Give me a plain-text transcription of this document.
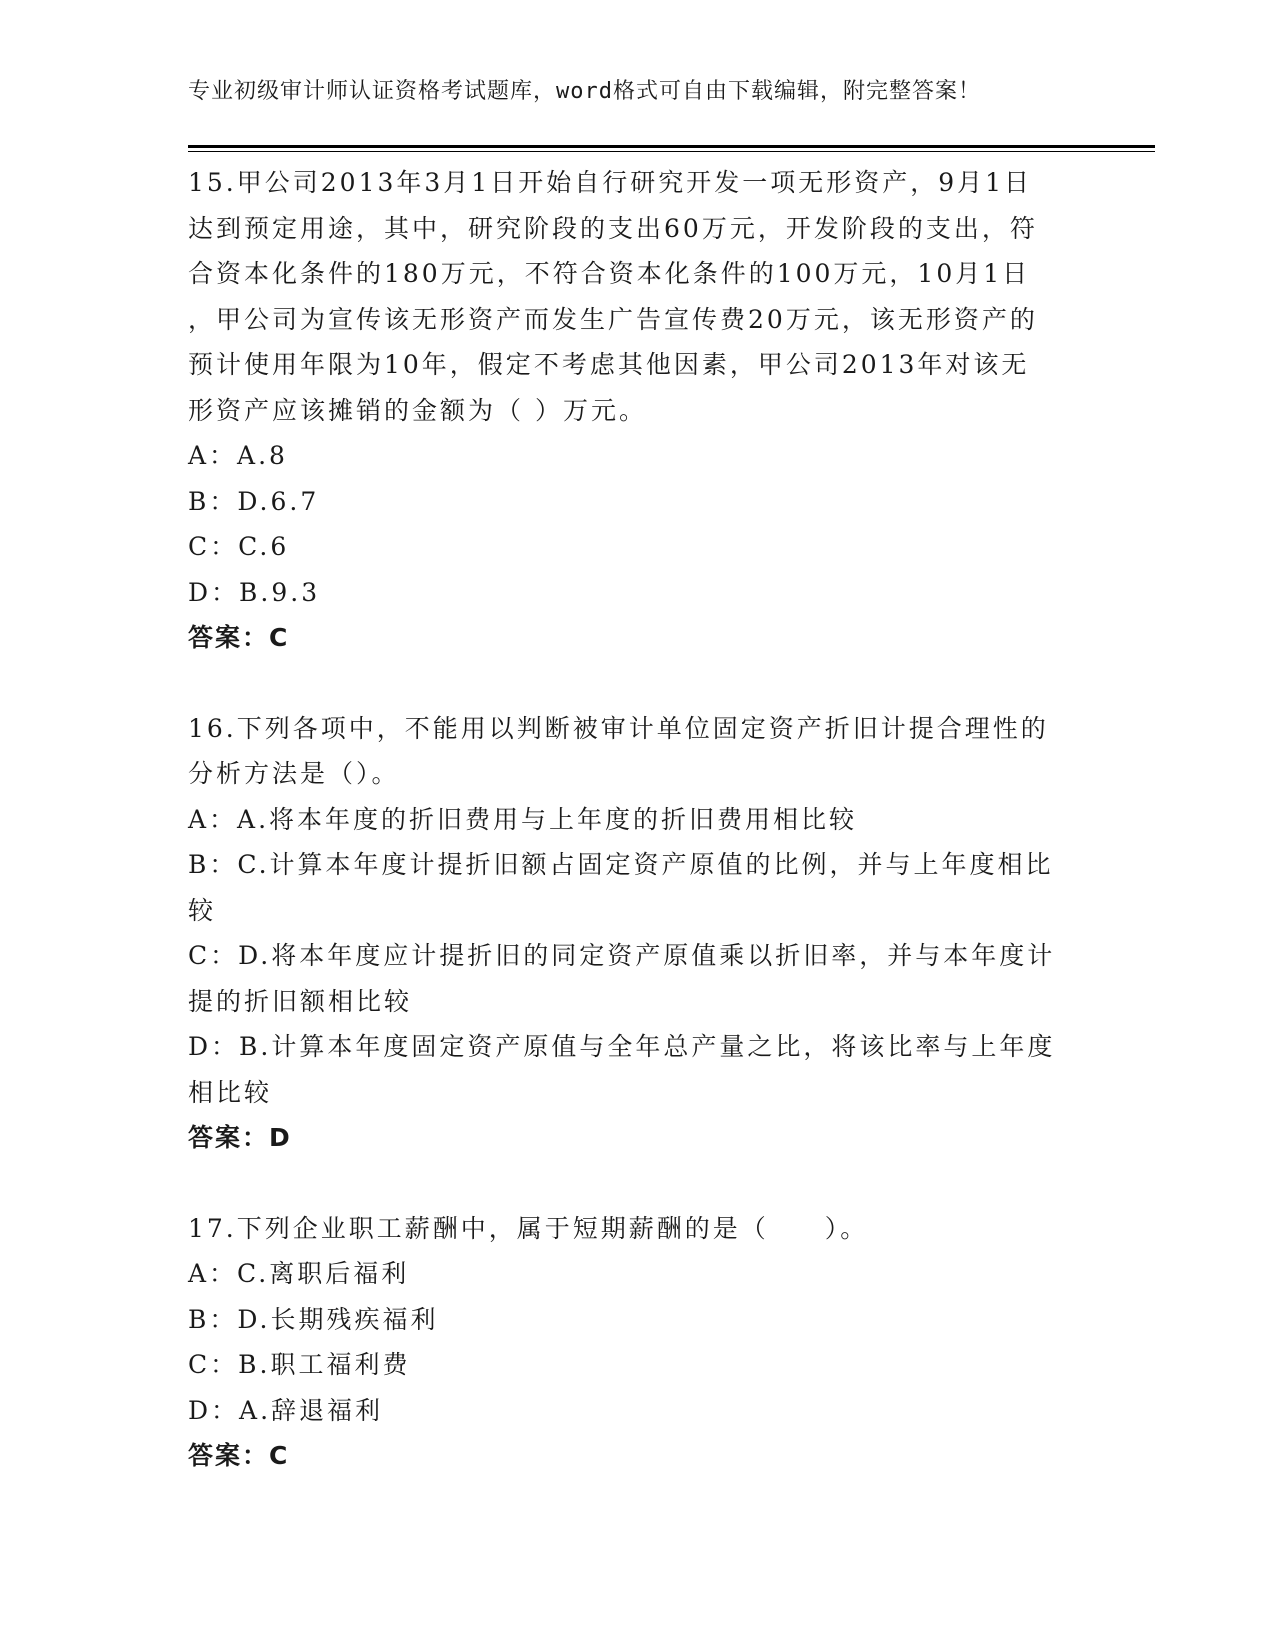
专业初级审计师认证资格考试题库，word格式可自由下载编辑，附完整答案！
15.甲公司2013年3月1日开始自行研究开发一项无形资产，9月1日
达到预定用途，其中，研究阶段的支出60万元，开发阶段的支出，符
合资本化条件的180万元，不符合资本化条件的100万元，10月1日
，甲公司为宣传该无形资产而发生广告宣传费20万元，该无形资产的
预计使用年限为10年，假定不考虑其他因素，甲公司2013年对该无
形资产应该摊销的金额为（ ）万元。
A：A.8
B：D.6.7
C：C.6
D：B.9.3
答案：C
16.下列各项中，不能用以判断被审计单位固定资产折旧计提合理性的
分析方法是（）。
A：A.将本年度的折旧费用与上年度的折旧费用相比较
B：C.计算本年度计提折旧额占固定资产原值的比例，并与上年度相比
较
C：D.将本年度应计提折旧的同定资产原值乘以折旧率，并与本年度计
提的折旧额相比较
D：B.计算本年度固定资产原值与全年总产量之比，将该比率与上年度
相比较
答案：D
17.下列企业职工薪酬中，属于短期薪酬的是（　　）。
A：C.离职后福利
B：D.长期残疾福利
C：B.职工福利费
D：A.辞退福利
答案：C
